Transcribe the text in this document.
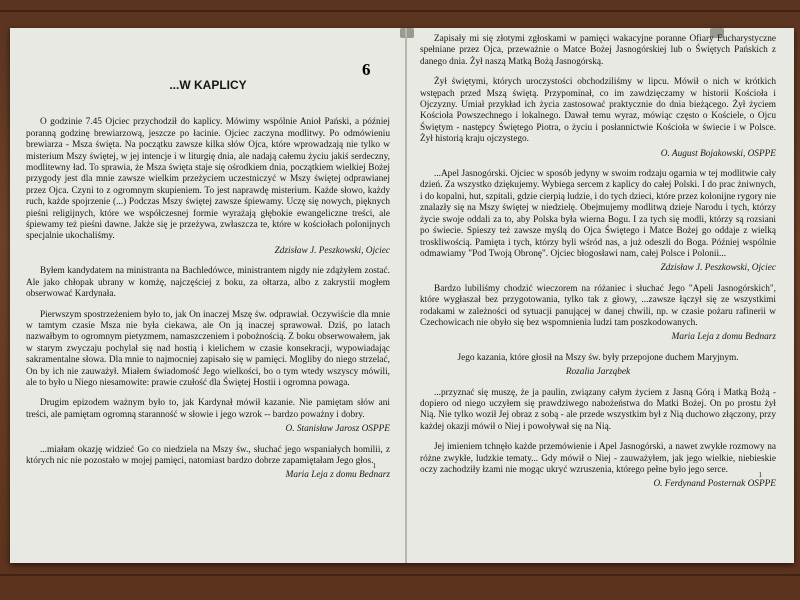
...W KAPLICY

O godzinie 7.45 Ojciec przychodził do kaplicy. Mówimy wspólnie Anioł Pański, a później poranną godzinę brewiarzową, jeszcze po łacinie. Ojciec zaczyna modlitwy. Po odmówieniu brewiarza - Msza święta. Na początku zawsze kilka słów Ojca, które wprowadzają nie tylko w misterium Mszy świętej, w jej intencje i w liturgię dnia, ale nadają całemu życiu jakiś serdeczny, modlitewny ład. To sprawia, że Msza święta staje się ośrodkiem dnia, początkiem wielkiej Bożej przygody jest dla mnie zawsze wielkim przeżyciem uczestniczyć w Mszy świętej odprawianej przez Ojca. Czyni to z ogromnym skupieniem. To jest naprawdę misterium. Każde słowo, każdy ruch, każde spojrzenie (...) Podczas Mszy świętej zawsze śpiewamy. Uczę się nowych, pięknych pieśni religijnych, które we współczesnej formie wyrażają głębokie ewangeliczne treści, ale śpiewamy też pieśni dawne. Jakże się je przeżywa, zwłaszcza te, które w kościołach polonijnych specjalnie ukochaliśmy.

Zdzisław J. Peszkowski, Ojciec

Byłem kandydatem na ministranta na Bachledówce, ministrantem nigdy nie zdążyłem zostać. Ale jako chłopak ubrany w komżę, najczęściej z boku, za ołtarza, albo z zakrystii mogłem obserwować Kardynała.

Pierwszym spostrzeżeniem było to, jak On inaczej Mszę św. odprawiał. Oczywiście dla mnie w tamtym czasie Msza nie była ciekawa, ale On ją inaczej sprawował. Dziś, po latach nazwałbym to ogromnym pietyzmem, namaszczeniem i pobożnością. Z boku obserwowałem, jak w starym zwyczaju pochylał się nad hostią i kielichem w czasie konsekracji, wypowiadając sakramentalne słowa. Dla mnie to najmocniej zapisało się w pamięci. Mogliby do niego strzelać, On by ich nie zauważył. Miałem świadomość Jego wielkości, bo o tym wtedy wszyscy mówili, ale to było u Niego niesamowite: prawie czułość dla Świętej Hostii i ogromna powaga.

Drugim epizodem ważnym było to, jak Kardynał mówił kazanie. Nie pamiętam słów ani treści, ale pamiętam ogromną staranność w słowie i jego wzrok -- bardzo poważny i dobry.

O. Stanisław Jarosz OSPPE

...miałam okazję widzieć Go co niedziela na Mszy św., słuchać jego wspaniałych homilii, z których nic nie pozostało w mojej pamięci, natomiast bardzo dobrze zapamiętałam Jego głos.

Maria Leja z domu Bednarz

1
6

Zapisały mi się złotymi zgłoskami w pamięci wakacyjne poranne Ofiary Eucharystyczne spełniane przez Ojca, przeważnie o Matce Bożej Jasnogórskiej lub o Świętych Pańskich z danego dnia. Żył naszą Matką Bożą Jasnogórską.

Żył świętymi, których uroczystości obchodziliśmy w lipcu. Mówił o nich w krótkich wstępach przed Mszą świętą. Przypominał, co im zawdzięczamy w historii Kościoła i Ojczyzny. Umiał przykład ich życia zastosować praktycznie do dnia bieżącego. Żył życiem Kościoła Powszechnego i lokalnego. Dawał temu wyraz, mówiąc często o Kościele, o Ojcu Świętym - następcy Świętego Piotra, o życiu i posłannictwie Kościoła w świecie i w Polsce. Żył historią kraju ojczystego.

O. August Bojakowski, OSPPE

...Apel Jasnogórski. Ojciec w sposób jedyny w swoim rodzaju ogarnia w tej modlitwie cały dzień. Za wszystko dziękujemy. Wybiega sercem z kaplicy do całej Polski. I do prac żniwnych, i do kopalni, hut, szpitali, gdzie cierpią ludzie, i do tych dzieci, które przez kolonijne rygory nie znalazły się na Mszy świętej w niedzielę. Obejmujemy modlitwą dzieje Narodu i tych, którzy życie swoje oddali za to, aby Polska była wierna Bogu. I za tych się modli, którzy są rozsiani po świecie. Spieszy też zawsze myślą do Ojca Świętego i Matce Bożej go oddaje z wielką troskliwością. Pamięta i tych, którzy byli wśród nas, a już odeszli do Boga. Później wspólnie odmawiamy "Pod Twoją Obronę". Ojciec błogosławi nam, całej Polsce i Polonii...

Zdzisław J. Peszkowski, Ojciec

Bardzo lubiliśmy chodzić wieczorem na różaniec i słuchać Jego "Apeli Jasnogórskich", które wygłaszał bez przygotowania, tylko tak z głowy, ...zawsze łączył się ze wszystkimi rodakami w zależności od sytuacji panującej w danej chwili, np. w czasie pożaru rafinerii w Czechowicach nie obyło się bez wspomnienia ludzi tam poszkodowanych.

Maria Leja z domu Bednarz

Jego kazania, które głosił na Mszy św. były przepojone duchem Maryjnym.

Rozalia Jarząbek

...przyznać się muszę, że ja paulin, związany całym życiem z Jasną Górą i Matką Bożą - dopiero od niego uczyłem się prawdziwego nabożeństwa do Matki Bożej. On po prostu żył Nią. Nie tylko woził Jej obraz z sobą - ale przede wszystkim był z Nią duchowo złączony, przy każdej okazji mówił o Niej i powoływał się na Nią.

Jej imieniem tchnęło każde przemówienie i Apel Jasnogórski, a nawet zwykłe rozmowy na różne zwykłe, ludzkie tematy... Gdy mówił o Niej - zauważyłem, jak jego wielkie, niebieskie oczy zachodziły łzami nie mogąc ukryć wzruszenia, którego pełne było jego serce.

O. Ferdynand Posternak OSPPE

1
